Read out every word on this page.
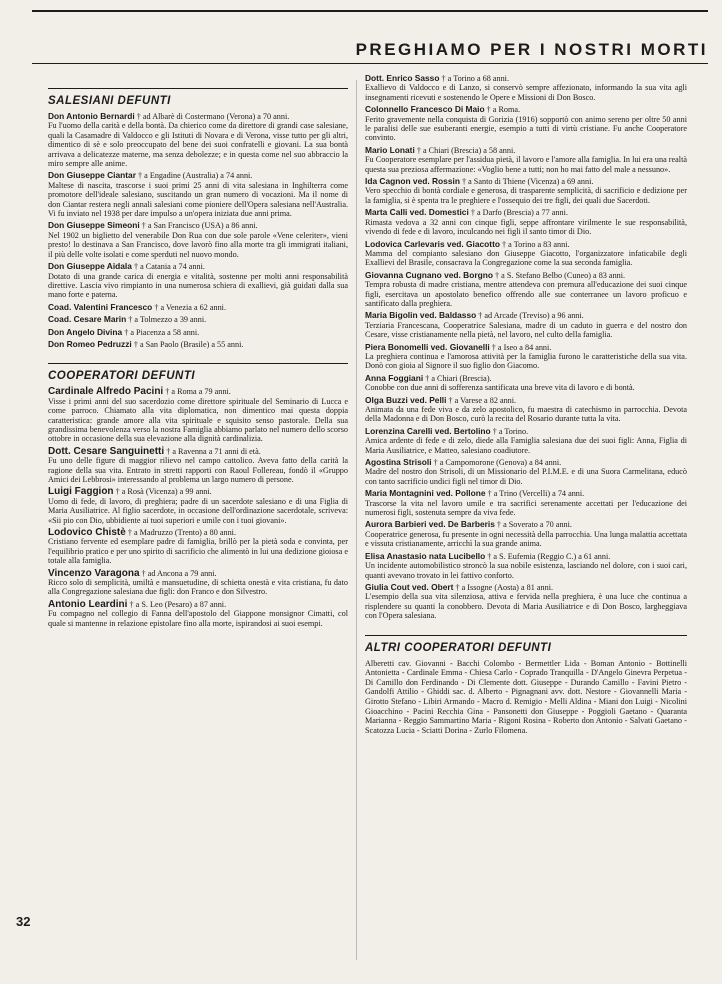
PREGHIAMO PER I NOSTRI MORTI
SALESIANI DEFUNTI

Don Antonio Bernardi † ad Albarè di Costermano (Verona) a 70 anni.
Fu l'uomo della carità e della bontà. Da chierico come da direttore di grandi case salesiane, quali la Casamadre di Valdocco e gli Istituti di Novara e di Verona, visse tutto per gli altri, dimentico di sè e solo preoccupato del bene dei suoi confratelli e giovani. La sua bontà arrivava a delicatezze materne, ma senza debolezze; e in questa come nel suo abbraccio la miro sempre alle anime.

Don Giuseppe Ciantar † a Engadine (Australia) a 74 anni.
Maltese di nascita, trascorse i suoi primi 25 anni di vita salesiana in Inghilterra come promotore dell'ideale salesiano, suscitando un gran numero di vocazioni. Ma il nome di don Ciantar restera negli annali salesiani come pioniere dell'Opera salesiana nell'Australia. Vi fu inviato nel 1938 per dare impulso a un'opera iniziata due anni prima.

Don Giuseppe Simeoni † a San Francisco (USA) a 86 anni.
Nel 1902 un biglietto del venerabile Don Rua con due sole parole «Vene celeriter», vieni presto! lo destinava a San Francisco, dove lavorò fino alla morte tra gli immigrati italiani, il più delle volte isolati e come sperduti nel nuovo mondo.

Don Giuseppe Aidala † a Catania a 74 anni.
Dotato di una grande carica di energia e vitalità, sostenne per molti anni responsabilità direttive. Lascia vivo rimpianto in una numerosa schiera di exallievi, già guidati dalla sua mano forte e paterna.

Coad. Valentini Francesco † a Venezia a 62 anni.

Coad. Cesare Marin † a Tolmezzo a 39 anni.

Don Angelo Divina † a Piacenza a 58 anni.

Don Romeo Pedruzzi † a San Paolo (Brasile) a 55 anni.

COOPERATORI DEFUNTI

Cardinale Alfredo Pacini † a Roma a 79 anni.
Visse i primi anni del suo sacerdozio come direttore spirituale del Seminario di Lucca e come parroco. Chiamato alla vita diplomatica, non dimentico mai questa doppia caratteristica: grande amore alla vita spirituale e squisito senso pastorale. Della sua grandissima benevolenza verso la nostra Famiglia abbiamo parlato nel numero dello scorso ottobre in occasione della sua elevazione alla dignità cardinalizia.

Dott. Cesare Sanguinetti † a Ravenna a 71 anni di età.
Fu uno delle figure di maggior rilievo nel campo cattolico. Aveva fatto della carità la ragione della sua vita. Entrato in stretti rapporti con Raoul Follereau, fondò il «Gruppo Amici dei Lebbrosi» interessando al problema un largo numero di persone.

Luigi Faggion † a Rosà (Vicenza) a 99 anni.
Uomo di fede, di lavoro, di preghiera; padre di un sacerdote salesiano e di una Figlia di Maria Ausiliatrice. Al figlio sacerdote, in occasione dell'ordinazione sacerdotale, scriveva: «Sii pio con Dio, ubbidiente ai tuoi superiori e umile con i tuoi giovani».

Lodovico Chistè † a Madruzzo (Trento) a 80 anni.
Cristiano fervente ed esemplare padre di famiglia, brillò per la pietà soda e convinta, per l'equilibrio pratico e per uno spirito di sacrificio che alimentò in lui una dedizione gioiosa e totale alla famiglia.

Vincenzo Varagona † ad Ancona a 79 anni.
Ricco solo di semplicità, umiltà e mansuetudine, di schietta onestà e vita cristiana, fu dato alla Congregazione salesiana due figli: don Franco e don Silvestro.

Antonio Leardini † a S. Leo (Pesaro) a 87 anni.
Fu compagno nel collegio di Fanna dell'apostolo del Giappone monsignor Cimatti, col quale si mantenne in relazione epistolare fino alla morte, ispirandosi ai suoi esempi.

Dott. Enrico Sasso † a Torino a 68 anni.
Exallievo di Valdocco e di Lanzo, si conservò sempre affezionato, informando la sua vita agli insegnamenti ricevuti e sostenendo le Opere e Missioni di Don Bosco.

Colonnello Francesco Di Maio † a Roma.
Ferito gravemente nella conquista di Gorizia (1916) sopportò con animo sereno per oltre 50 anni le paralisi delle sue esuberanti energie, esempio a tutti di virtù cristiane. Fu anche Cooperatore convinto.

Mario Lonati † a Chiari (Brescia) a 58 anni.
Fu Cooperatore esemplare per l'assidua pietà, il lavoro e l'amore alla famiglia. In lui era una realtà questa sua preziosa affermazione: «Voglio bene a tutti; non ho mai fatto del male a nessuno».

Ida Cagnon ved. Rossin † a Santo di Thiene (Vicenza) a 69 anni.
Vero specchio di bontà cordiale e generosa, di trasparente semplicità, di sacrificio e dedizione per la famiglia, si è spenta tra le preghiere e l'ossequio dei tre figli, dei quali due Sacerdoti.

Marta Calli ved. Domestici † a Darfo (Brescia) a 77 anni.
Rimasta vedova a 32 anni con cinque figli, seppe affrontare virilmente le sue responsabilità, vivendo di fede e di lavoro, inculcando nei figli il santo timor di Dio.

Lodovica Carlevaris ved. Giacotto † a Torino a 83 anni.
Mamma del compianto salesiano don Giuseppe Giacotto, l'organizzatore infaticabile degli Exallievi del Brasile, consacrava la Congregazione come la sua seconda famiglia.

Giovanna Cugnano ved. Borgno † a S. Stefano Belbo (Cuneo) a 83 anni.
Tempra robusta di madre cristiana, mentre attendeva con premura all'educazione dei suoi cinque figli, esercitava un apostolato benefico offrendo alle sue conterranee un lavoro proficuo e santificato dalla preghiera.

Maria Bigolin ved. Baldasso † ad Arcade (Treviso) a 96 anni.
Terziaria Francescana, Cooperatrice Salesiana, madre di un caduto in guerra e del nostro don Cesare, visse cristianamente nella pietà, nel lavoro, nel culto della famiglia.

Piera Bonomelli ved. Giovanelli † a Iseo a 84 anni.
La preghiera continua e l'amorosa attività per la famiglia furono le caratteristiche della sua vita. Donò con gioia al Signore il suo figlio don Giacomo.

Anna Foggiani † a Chiari (Brescia).
Conobbe con due anni di sofferenza santificata una breve vita di lavoro e di bontà.

Olga Buzzi ved. Pelli † a Varese a 82 anni.
Animata da una fede viva e da zelo apostolico, fu maestra di catechismo in parrocchia. Devota della Madonna e di Don Bosco, curò la recita del Rosario durante tutta la vita.

Lorenzina Carelli ved. Bertolino † a Torino.
Amica ardente di fede e di zelo, diede alla Famiglia salesiana due dei suoi figli: Anna, Figlia di Maria Ausiliatrice, e Matteo, salesiano coadiutore.

Agostina Strisoli † a Campomorone (Genova) a 84 anni.
Madre del nostro don Strisoli, di un Missionario del P.I.M.E. e di una Suora Carmelitana, educò con tanto sacrificio undici figli nel timor di Dio.

Maria Montagnini ved. Pollone † a Trino (Vercelli) a 74 anni.
Trascorse la vita nel lavoro umile e tra sacrifici serenamente accettati per l'educazione dei numerosi figli, sostenuta sempre da viva fede.

Aurora Barbieri ved. De Barberis † a Soverato a 70 anni.
Cooperatrice generosa, fu presente in ogni necessità della parrocchia. Una lunga malattia accettata e vissuta cristianamente, arricchì la sua grande anima.

Elisa Anastasio nata Lucibello † a S. Eufemia (Reggio C.) a 61 anni.
Un incidente automobilistico stroncò la sua nobile esistenza, lasciando nel dolore, con i suoi cari, quanti avevano trovato in lei fattivo conforto.

Giulia Cout ved. Obert † a Issogne (Aosta) a 81 anni.
L'esempio della sua vita silenziosa, attiva e fervida nella preghiera, è una luce che continua a risplendere su quanti la conobbero. Devota di Maria Ausiliatrice e di Don Bosco, largheggiava con l'Opera salesiana.

ALTRI COOPERATORI DEFUNTI
Alberetti cav. Giovanni - Bacchi Colombo - Bermettler Lida - Boman Antonio - Bottinelli Antonietta - Cardinale Emma - Chiesa Carlo - Coprado Tranquilla - D'Angelo Ginevra Perpetua - Di Camillo don Ferdinando - Di Clemente dott. Giuseppe - Durando Camillo - Favini Pietro - Gandolfi Attilio - Ghiddi sac. d. Alberto - Pignagnani avv. dott. Nestore - Giovannelli Maria - Girotto Stefano - Libiri Armando - Macro d. Remigio - Melli Aldina - Miani don Luigi - Nicolini Gioacchino - Pacini Recchia Gina - Pansonetti don Giuseppe - Poggioli Gaetano - Quaranta Marianna - Reggio Sammartino Maria - Rigoni Rosina - Roberto don Antonio - Salvati Gaetano - Scatozza Lucia - Sciatti Dorina - Zurlo Filomena.
32
